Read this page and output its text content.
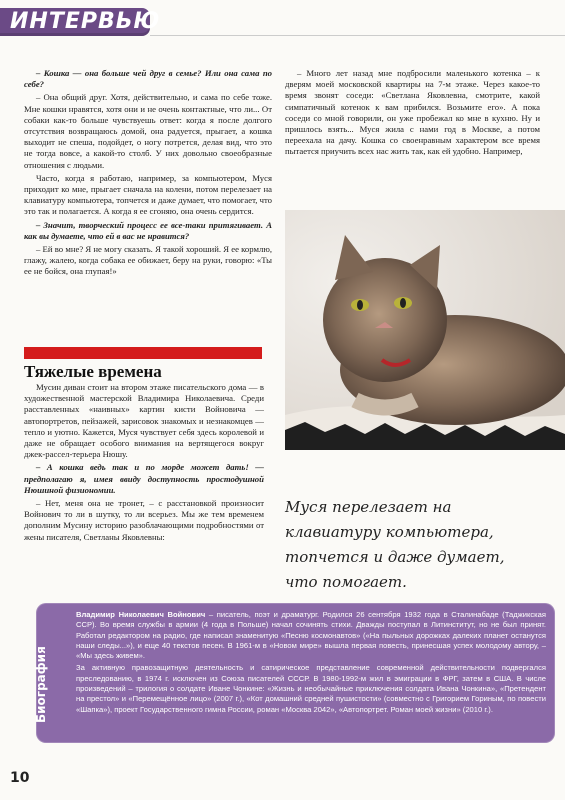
ИНТЕРВЬЮ

– Кошка — она больше чей друг в семье? Или она сама по себе?

– Она общий друг. Хотя, действительно, и сама по себе тоже. Мне кошки нравятся, хотя они и не очень контактные, что ли... От собаки как-то больше чувствуешь ответ: когда я после долгого отсутствия возвращаюсь домой, она радуется, прыгает, а кошка выходит не спеша, подойдет, о ногу потрется, делая вид, что это не тогда вовсе, а какой-то столб. У них довольно своеобразные отношения с людьми.

Часто, когда я работаю, например, за компьютером, Муся приходит ко мне, прыгает сначала на колени, потом перелезает на клавиатуру компьютера, топчется и даже думает, что помогает, что это так и полагается. А когда я ее сгоняю, она очень сердится.

– Значит, творческий процесс ее все-таки притягивает. А как вы думаете, что ей в вас не нравится?

– Ей во мне? Я не могу сказать. Я такой хороший. Я ее кормлю, глажу, жалею, когда собака ее обижает, беру на руки, говорю: «Ты ее не бойся, она глупая!»

– Много лет назад мне подбросили маленького котенка – к дверям моей московской квартиры на 7-м этаже. Через какое-то время звонят соседи: «Светлана Яковлевна, смотрите, какой симпатичный котенок к вам прибился. Возьмите его». А пока соседи со мной говорили, он уже пробежал ко мне в кухню. Ну и пришлось взять... Муся жила с нами год в Москве, а потом переехала на дачу. Кошка со своенравным характером все время пытается приучить всех нас жить так, как ей удобно. Например,

Тяжелые времена

Мусин диван стоит на втором этаже писательского дома — в художественной мастерской Владимира Николаевича. Среди расставленных «наивных» картин кисти Войновича — автопортретов, пейзажей, зарисовок знакомых и незнакомцев — тепло и уютно. Кажется, Муся чувствует себя здесь королевой и даже не обращает особого внимания на вертящегося вокруг джек-рассел-терьера Нюшу.

– А кошка ведь так и по морде может дать! — предполагаю я, имея ввиду доступность простодушной Нюшиной физиономии.

– Нет, меня она не тронет, – с расстановкой произносит Войнович то ли в шутку, то ли всерьез. Мы же тем временем дополним Мусину историю разоблачающими подробностями от жены писателя, Светланы Яковлевны:

Муся перелезает на
клавиатуру компьютера,
топчется и даже думает,
что помогает.
Биография

Владимир Николаевич Войнович – писатель, поэт и драматург. Родился 26 сентября 1932 года в Сталинабаде (Таджикская ССР). Во время службы в армии (4 года в Польше) начал сочинять стихи. Дважды поступал в Литинститут, но не был принят. Работал редактором на радио, где написал знаменитую «Песню космонавтов» («На пыльных дорожках далеких планет останутся наши следы...»), и еще 40 текстов песен. В 1961-м в «Новом мире» вышла первая повесть, принесшая успех молодому автору, – «Мы здесь живем».

За активную правозащитную деятельность и сатирическое представление современной действительности подвергался преследованию, в 1974 г. исключен из Союза писателей СССР. В 1980-1992-м жил в эмиграции в ФРГ, затем в США. В числе произведений – трилогия о солдате Иване Чонкине: «Жизнь и необычайные приключения солдата Ивана Чонкина», «Претендент на престол» и «Перемещённое лицо» (2007 г.), «Кот домашний средней пушистости» (совместно с Григорием Гориным, по повести «Шапка»), проект Государственного гимна России, роман «Москва 2042», «Автопортрет. Роман моей жизни» (2010 г.).

10
